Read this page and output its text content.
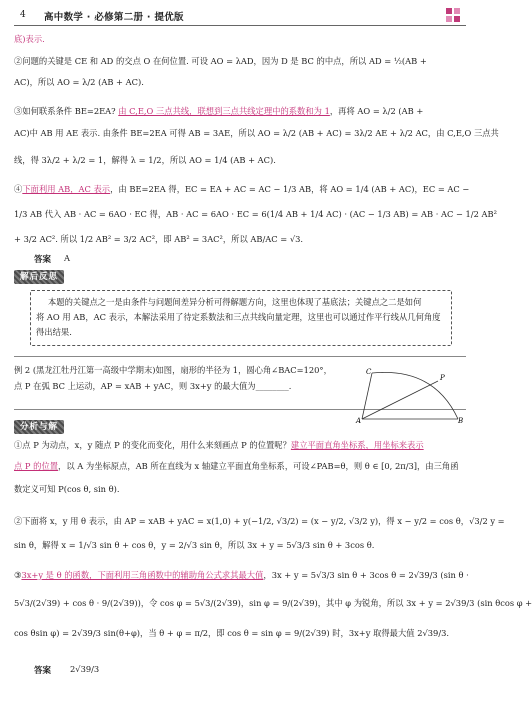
4 高中数学 · 必修第二册 · 提优版
底)表示.
②问题的关键是 CE 和 AD 的交点 O 在何位置. 可设 AO = λAD，因为 D 是 BC 的中点，所以 AD = ½(AB +
AC)，所以 AO = λ/2 (AB + AC).
③如何联系条件 BE=2EA? 由 C,E,O 三点共线，联想到三点共线定理中的系数和为 1，再将 AO = λ/2 (AB +
AC)中 AB 用 AE 表示. 由条件 BE=2EA 可得 AB = 3AE，所以 AO = λ/2 (AB + AC) = 3λ/2 AE + λ/2 AC，由 C,E,O 三点共
线，得 3λ/2 + λ/2 = 1，解得 λ = 1/2，所以 AO = 1/4 (AB + AC).
④下面利用 AB，AC 表示，由 BE=2EA 得，EC = EA + AC = AC − 1/3 AB，将 AO = 1/4 (AB + AC)，EC = AC −
1/3 AB 代入 AB · AC = 6AO · EC 得，AB · AC = 6AO · EC = 6(1/4 AB + 1/4 AC) · (AC − 1/3 AB) = AB · AC − 1/2 AB²
+ 3/2 AC². 所以 1/2 AB² = 3/2 AC²，即 AB² = 3AC²，所以 AB/AC = √3.
答案 A
解后反思
本题的关键点之一是由条件与问题间差异分析可得解题方向，这里也体现了基底法；关键点之二是如何
将 AO 用 AB，AC 表示，本解法采用了待定系数法和三点共线向量定理，这里也可以通过作平行线从几何角度
得出结果.
例 2 (黑龙江牡丹江第一高级中学期末)如图，扇形的半径为 1，圆心角∠BAC=120°，
点 P 在弧 BC 上运动，AP = xAB + yAC，则 3x+y 的最大值为________.
A	B
C
P
分析与解
①点 P 为动点，x，y 随点 P 的变化而变化，用什么来刻画点 P 的位置呢？建立平面直角坐标系，用坐标来表示
点 P 的位置，以 A 为坐标原点，AB 所在直线为 x 轴建立平面直角坐标系，可设∠PAB=θ，则 θ ∈ [0, 2π/3]，由三角函
数定义可知 P(cos θ, sin θ).
②下面将 x，y 用 θ 表示，由 AP = xAB + yAC = x(1,0) + y(−1/2, √3/2) = (x − y/2, √3/2 y)，得 x − y/2 = cos θ，√3/2 y =
sin θ，解得 x = 1/√3 sin θ + cos θ，y = 2/√3 sin θ，所以 3x + y = 5√3/3 sin θ + 3cos θ.
③3x+y 是 θ 的函数，下面利用三角函数中的辅助角公式求其最大值，3x + y = 5√3/3 sin θ + 3cos θ = 2√39/3 (sin θ ·
5√3/(2√39) + cos θ · 9/(2√39))，令 cos φ = 5√3/(2√39)，sin φ = 9/(2√39)，其中 φ 为锐角，所以 3x + y = 2√39/3 (sin θcos φ +
cos θsin φ) = 2√39/3 sin(θ+φ)，当 θ + φ = π/2，即 cos θ = sin φ = 9/(2√39) 时，3x+y 取得最大值 2√39/3.
答案 2√39/3
